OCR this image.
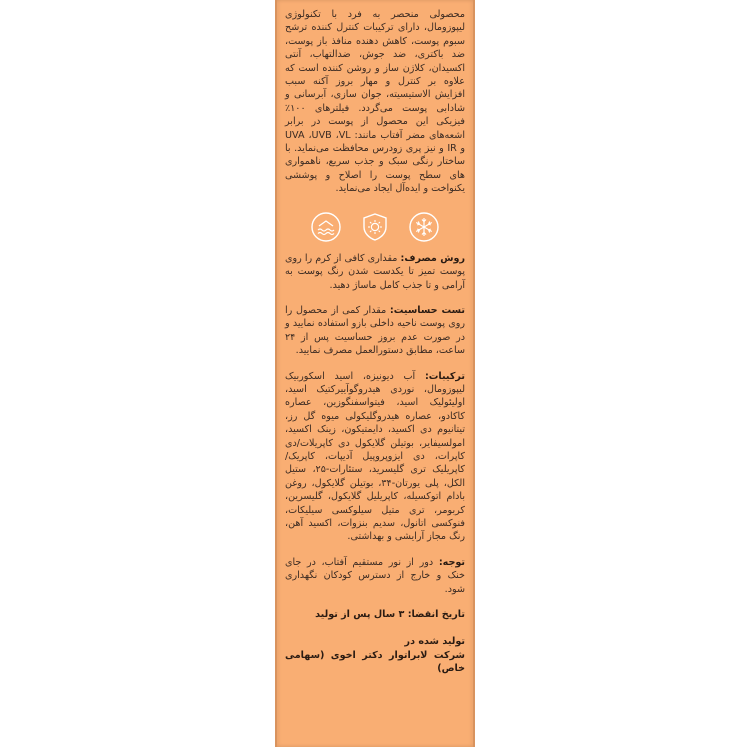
محصولی منحصر به فرد با تکنولوژی لیپوزومال، دارای ترکیبات کنترل کننده ترشح سبوم پوست، کاهش دهنده منافذ باز پوست، ضد باکتری، ضد جوش، ضدالتهاب، آنتی اکسیدان، کلاژن ساز و روشن کننده است که علاوه بر کنترل و مهار بروز آکنه سبب افزایش الاستیسیته، جوان سازی، آبرسانی و شادابی پوست می‌گردد. فیلترهای ۱۰۰٪ فیزیکی این محصول از پوست در برابر اشعه‌های مضر آفتاب مانند: UVA ،UVB ،VL و IR و نیز پری زودرس محافظت می‌نماید. با ساختار رنگی سبک و جذب سریع، ناهمواری های سطح پوست را اصلاح و پوششی یکنواخت و ایده‌آل ایجاد می‌نماید.

روش مصرف: مقداری کافی از کرم را روی پوست تمیز تا یکدست شدن رنگ پوست به آرامی و تا جذب کامل ماساژ دهید.

تست حساسیت: مقدار کمی از محصول را روی پوست ناحیه داخلی بازو استفاده نمایید و در صورت عدم بروز حساسیت پس از ۲۴ ساعت، مطابق دستورالعمل مصرف نمایید.

ترکیبات: آب دیونیزه، اسید اسکوربیک لیپوزومال، نوردی هیدروگوآییرکتیک اسید، اولیئولیک اسید، فیتواسفنگوزین، عصاره کاکادو، عصاره هیدروگلیکولی میوه گل رز، تیتانیوم دی اکسید، دایمتیکون، زینک اکسید، امولسیفایر، بوتیلن گلایکول دی کاپریلات/دی کاپرات، دی ایزوپروپیل آدیپات، کاپریک/کاپریلیک تری گلیسرید، ستئارات-۲۵، ستیل الکل، پلی یورتان-۳۴، بوتیلن گلایکول، روغن بادام اتوکسیله، کاپریلیل گلایکول، گلیسرین، کربومر، تری متیل سیلوکسی سیلیکات، فنوکسی اتانول، سدیم بنزوات، اکسید آهن، رنگ مجاز آرایشی و بهداشتی.

توجه: دور از نور مستقیم آفتاب، در جای خنک و خارج از دسترس کودکان نگهداری شود.

تاریخ انقضا: ۳ سال پس از تولید

تولید شده در
شرکت لابراتوار دکتر اخوی (سهامی خاص)
